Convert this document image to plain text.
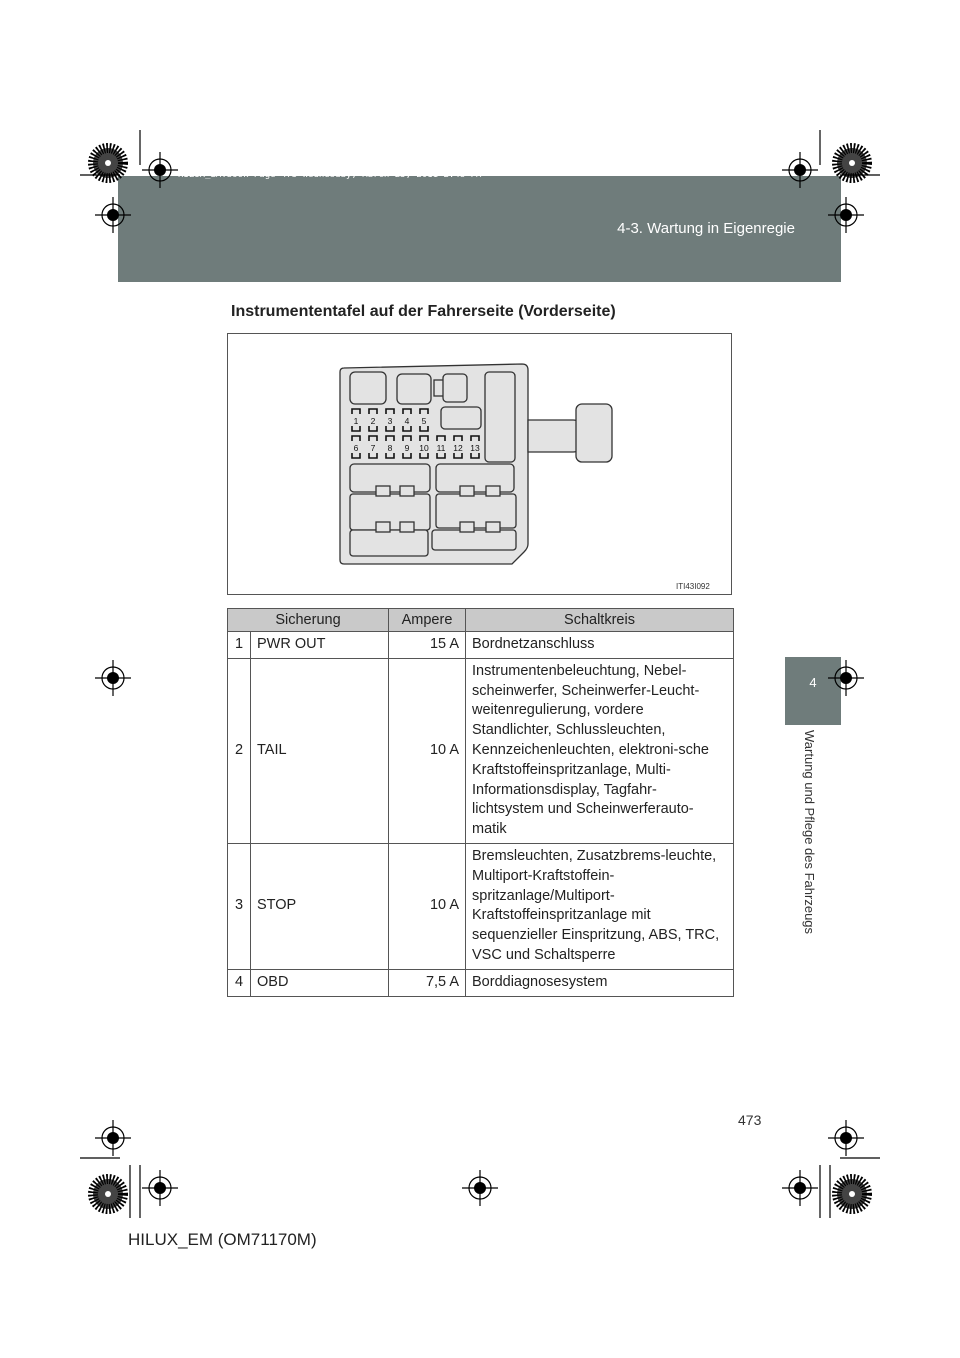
HILUX_EM.book Page 473 Wednesday, March 23, 2011 2:48 PM
4-3. Wartung in Eigenregie
4
Wartung und Pflege des Fahrzeugs
Instrumententafel auf der Fahrerseite (Vorderseite)
1 2 3 4 5
6 7 8 9 10 11 12 13
ITI43I092
Sicherung		Ampere	Schaltkreis
1	PWR OUT	15 A	Bordnetzanschluss
2	TAIL	10 A	Instrumentenbeleuchtung, Nebel-scheinwerfer, Scheinwerfer-Leucht-weitenregulierung, vordere Standlichter, Schlussleuchten, Kennzeichenleuchten, elektroni-sche Kraftstoffeinspritzanlage, Multi-Informationsdisplay, Tagfahr-lichtsystem und Scheinwerferauto-matik
3	STOP	10 A	Bremsleuchten, Zusatzbrems-leuchte, Multiport-Kraftstoffein-spritzanlage/Multiport-Kraftstoffeinspritzanlage mit sequenzieller Einspritzung, ABS, TRC, VSC und Schaltsperre
4	OBD	7,5 A	Borddiagnosesystem
473
HILUX_EM (OM71170M)
